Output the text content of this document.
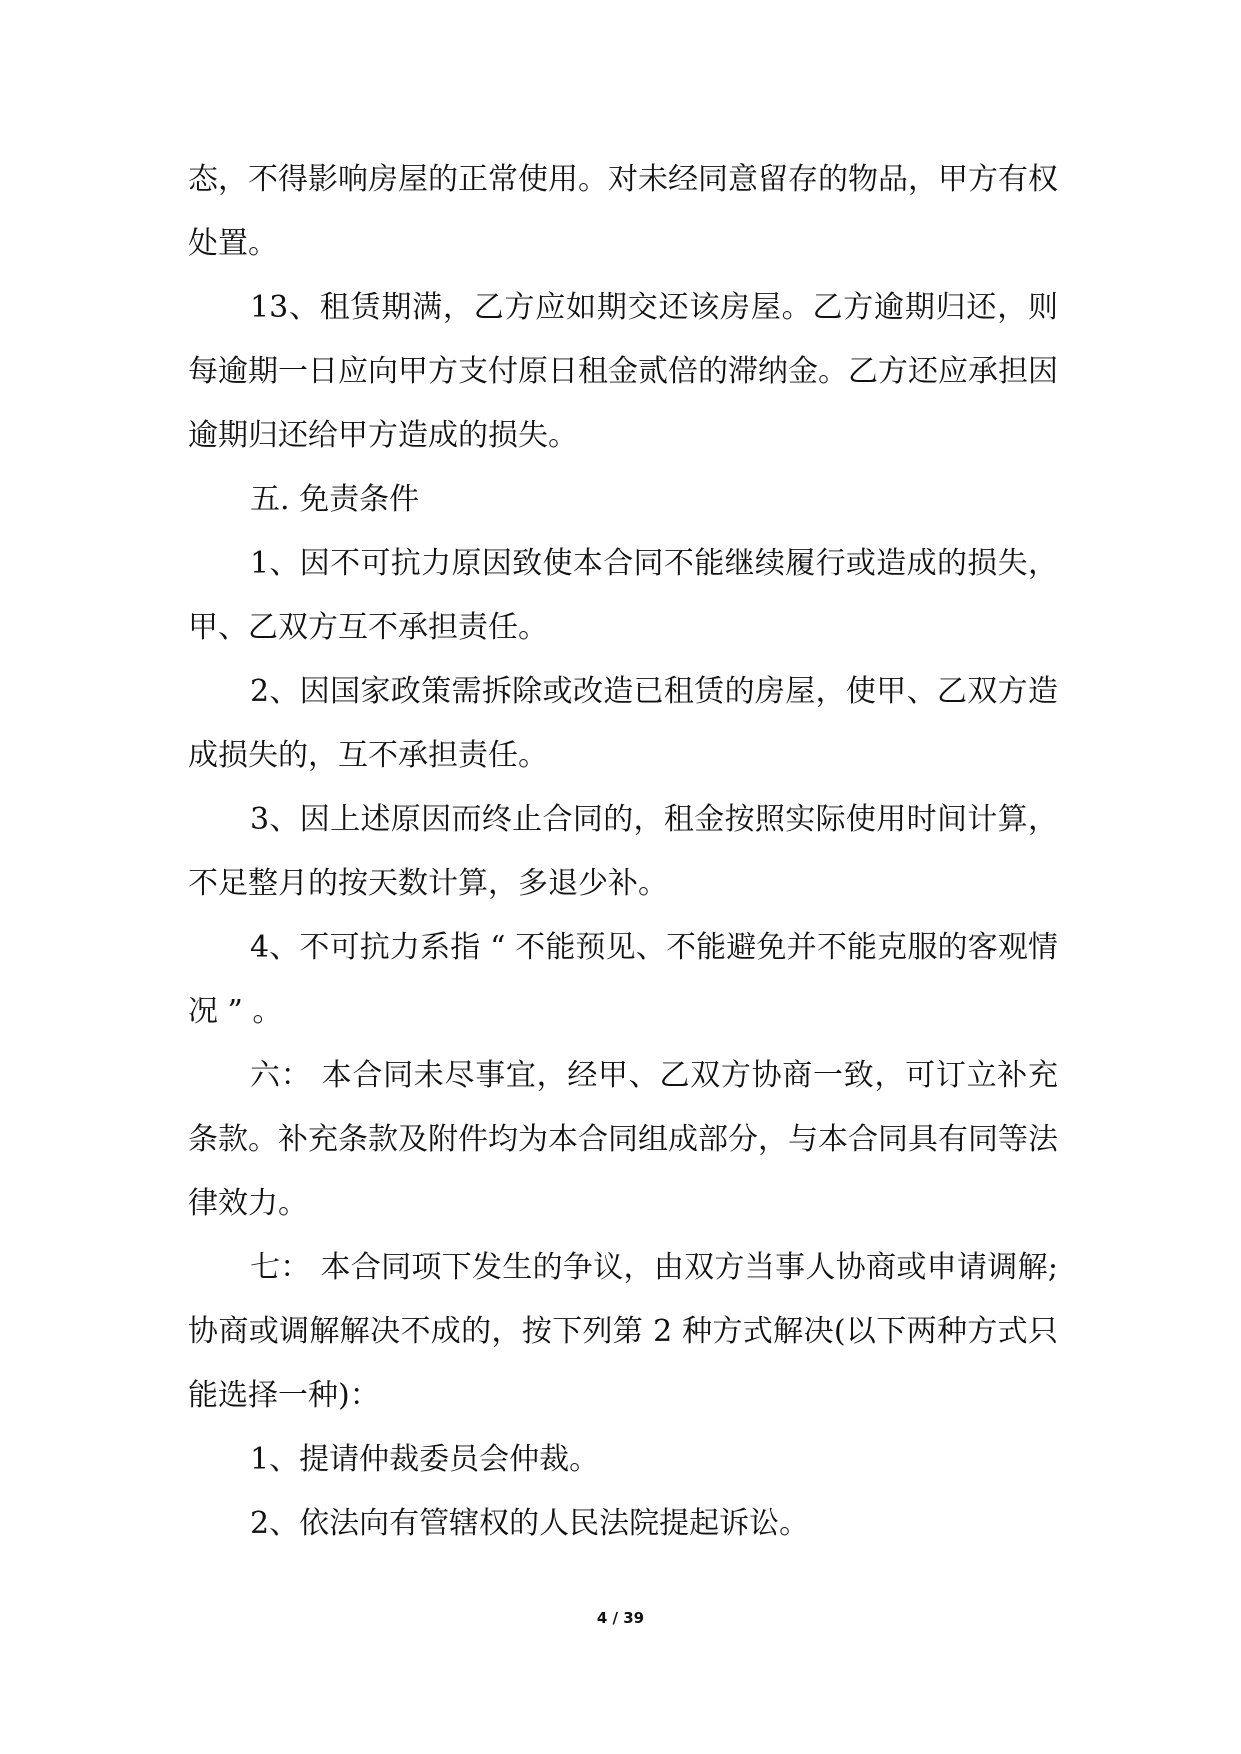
态，不得影响房屋的正常使用。对未经同意留存的物品，甲方有权处置。

13、租赁期满，乙方应如期交还该房屋。乙方逾期归还，则每逾期一日应向甲方支付原日租金贰倍的滞纳金。乙方还应承担因逾期归还给甲方造成的损失。

五. 免责条件

1、因不可抗力原因致使本合同不能继续履行或造成的损失，甲、乙双方互不承担责任。

2、因国家政策需拆除或改造已租赁的房屋，使甲、乙双方造成损失的，互不承担责任。

3、因上述原因而终止合同的，租金按照实际使用时间计算，不足整月的按天数计算，多退少补。

4、不可抗力系指 “ 不能预见、不能避免并不能克服的客观情况 ” 。

六： 本合同未尽事宜，经甲、乙双方协商一致，可订立补充条款。补充条款及附件均为本合同组成部分，与本合同具有同等法律效力。

七： 本合同项下发生的争议，由双方当事人协商或申请调解;协商或调解解决不成的，按下列第 2 种方式解决(以下两种方式只能选择一种)：

1、提请仲裁委员会仲裁。

2、依法向有管辖权的人民法院提起诉讼。

4 / 39
